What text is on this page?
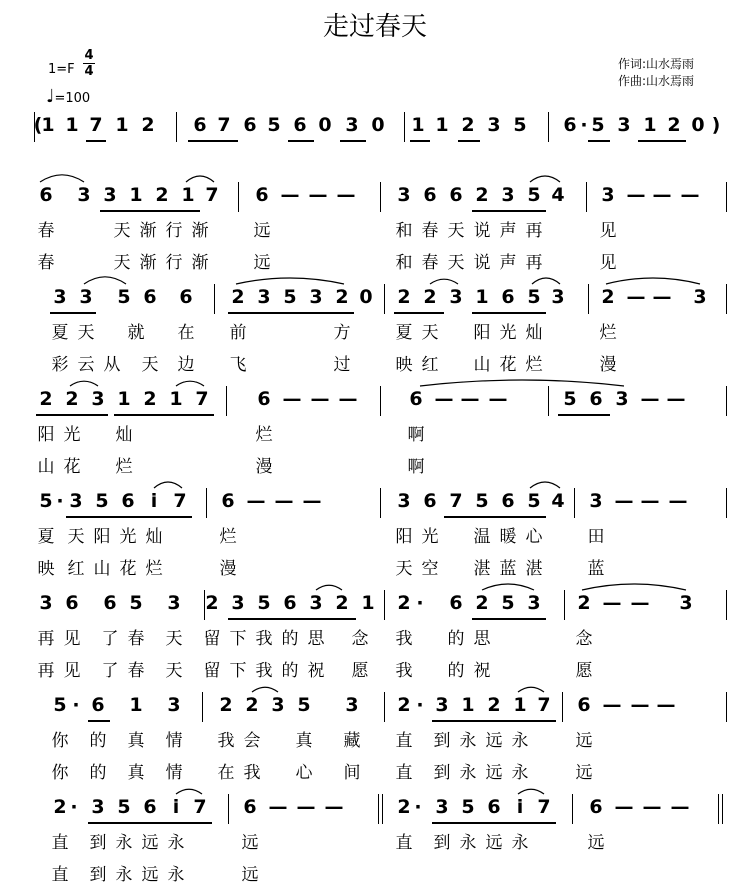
走过春天
1=F
4
4
♩=100
作词:山水焉雨
作曲:山水焉雨
( 1 1 7 1 2 6 7 6 5 6 0 3 0 1 1 2 3 5 6 · 5 3 1 2 0 )
6 3 3 1 2 1 7 6 — — — 3 6 6 2 3 5 4 3 — — —
春	天 渐 行 渐	远	和 春 天 说 声 再	见
春	天 渐 行 渐	远	和 春 天 说 声 再	见
3 3 5 6 6 2 3 5 3 2 0 2 2 3 1 6 5 3 2 — — 3
夏 天 就 在 前	方	夏 天 阳 光 灿	烂
彩 云 从 天 边 飞	过	映 红 山 花 烂	漫
2 2 3 1 2 1 7	6 — — —	6 — — —	5 6 3 — —
阳 光 灿	烂	啊
山 花 烂	漫	啊
5 · 3 5 6 i 7 6 — — —	3 6 7 5 6 5 4 3 — — —
夏 天 阳 光 灿	烂	阳 光 温 暖 心	田
映 红 山 花 烂	漫	天 空 湛 蓝 湛	蓝
3 6 6 5 3 2 3 5 6 3 2 1 2 · 6 2 5 3 2 — — 3
再 见 了 春 天 留 下 我 的 思 念 我 的 思	念
再 见 了 春 天 留 下 我 的 祝 愿 我 的 祝	愿
5 · 6 1 3 2 2 3 5 3 2 · 3 1 2 1 7 6 — — —
你 的 真 情 我 会 真 藏 直 到 永 远 永	远
你 的 真 情 在 我 心 间 直 到 永 远 永	远
2 · 3 5 6 i 7 6 — — —	2 · 3 5 6 i 7 6 — — —
直 到 永 远 永	远	直 到 永 远 永	远
直 到 永 远 永	远
